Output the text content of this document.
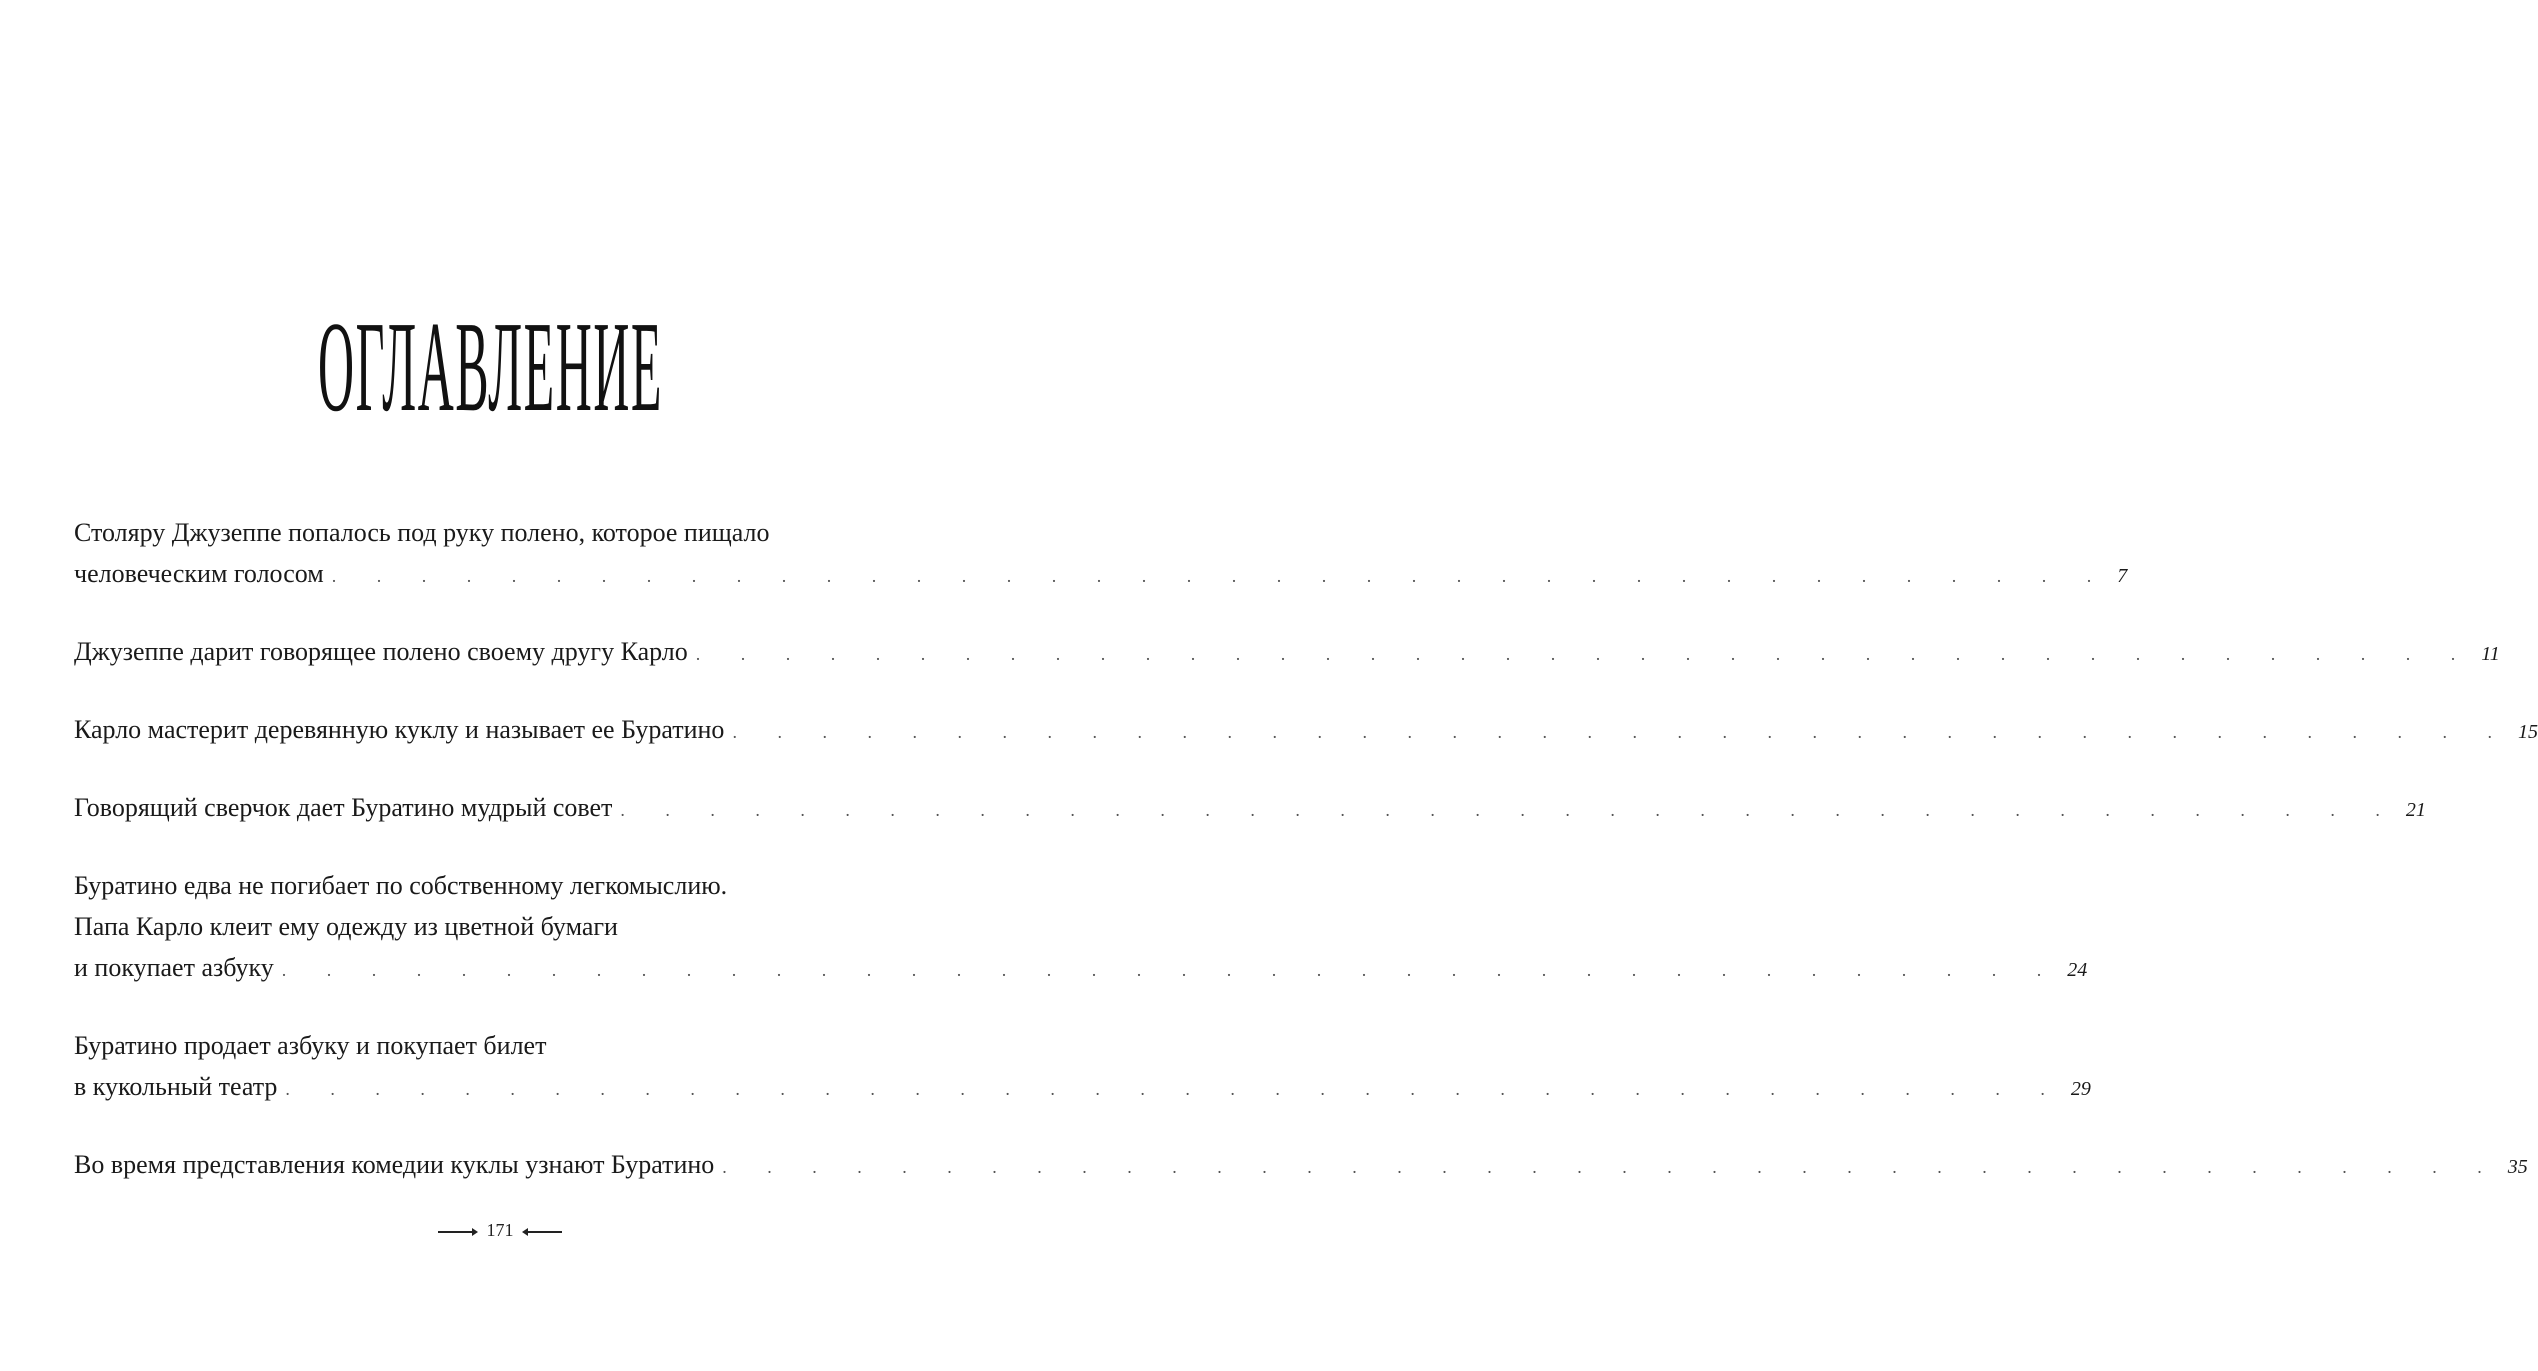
ОГЛАВЛЕНИЕ
Столяру Джузеппе попалось под руку полено, которое пищало
человеческим голосом . . . . . . . . . . . . . . . . . . . . . . . . . . . . . . . . . . . . . . . . 7
Джузеппе дарит говорящее полено своему другу Карло . . . . . . . . . . . . . . . . . . . . . . . . . . . . . . . . . . . . . . . . 11
Карло мастерит деревянную куклу и называет ее Буратино . . . . . . . . . . . . . . . . . . . . . . . . . . . . . . . . . . . . . . . . 15
Говорящий сверчок дает Буратино мудрый совет . . . . . . . . . . . . . . . . . . . . . . . . . . . . . . . . . . . . . . . . 21
Буратино едва не погибает по собственному легкомыслию.
Папа Карло клеит ему одежду из цветной бумаги
и покупает азбуку . . . . . . . . . . . . . . . . . . . . . . . . . . . . . . . . . . . . . . . . 24
Буратино продает азбуку и покупает билет
в кукольный театр . . . . . . . . . . . . . . . . . . . . . . . . . . . . . . . . . . . . . . . . 29
Во время представления комедии куклы узнают Буратино . . . . . . . . . . . . . . . . . . . . . . . . . . . . . . . . . . . . . . . . 35
171
